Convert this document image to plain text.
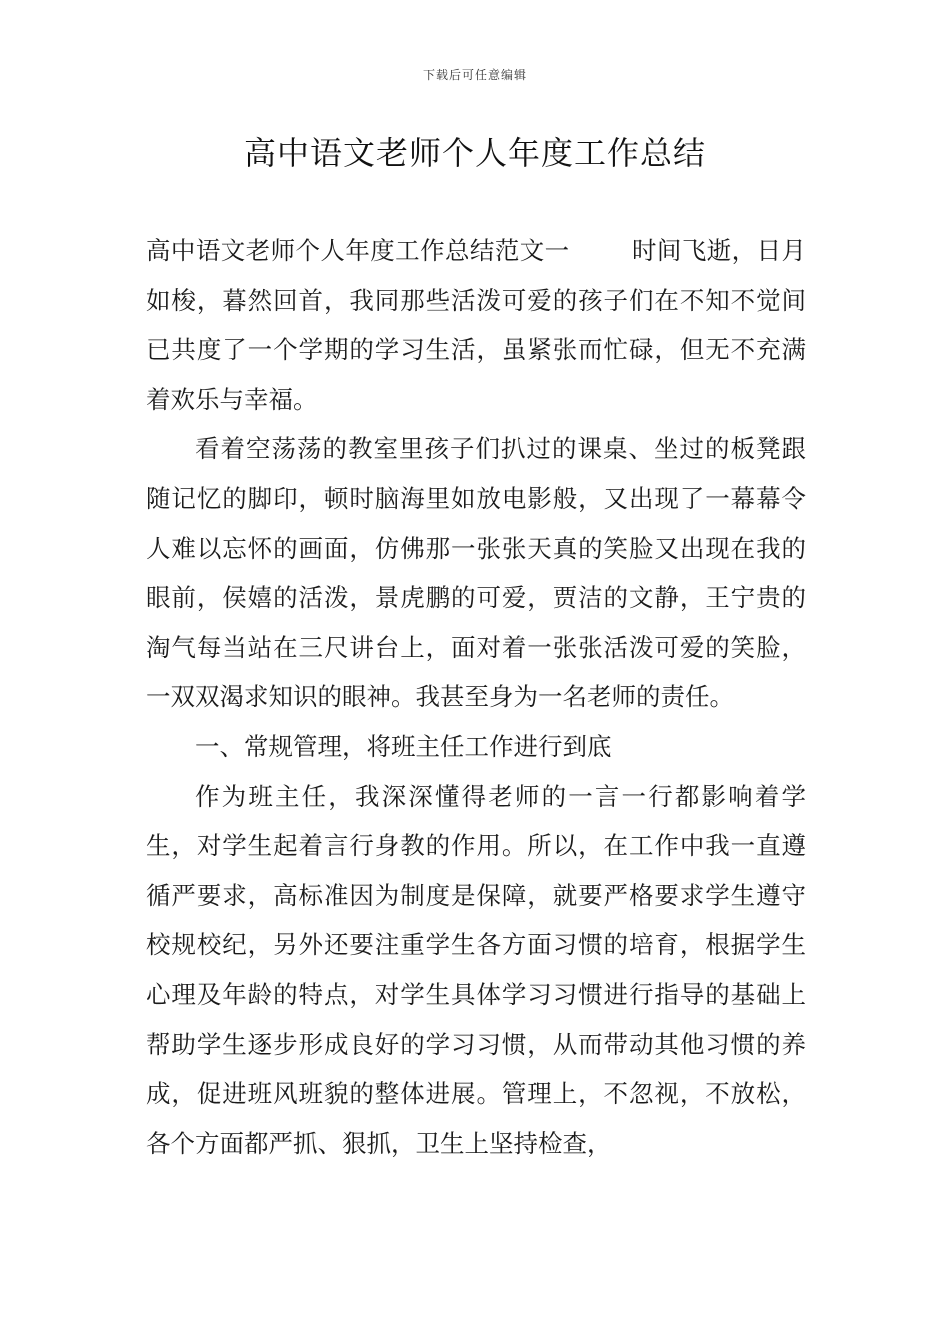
下载后可任意编辑
高中语文老师个人年度工作总结

高中语文老师个人年度工作总结范文一	时间飞逝，日月如梭，暮然回首，我同那些活泼可爱的孩子们在不知不觉间已共度了一个学期的学习生活，虽紧张而忙碌，但无不充满着欢乐与幸福。

看着空荡荡的教室里孩子们扒过的课桌、坐过的板凳跟随记忆的脚印，顿时脑海里如放电影般，又出现了一幕幕令人难以忘怀的画面，仿佛那一张张天真的笑脸又出现在我的眼前，侯嬉的活泼，景虎鹏的可爱，贾洁的文静，王宁贵的淘气每当站在三尺讲台上，面对着一张张活泼可爱的笑脸，一双双渴求知识的眼神。我甚至身为一名老师的责任。

一、常规管理，将班主任工作进行到底

作为班主任，我深深懂得老师的一言一行都影响着学生，对学生起着言行身教的作用。所以，在工作中我一直遵循严要求，高标准因为制度是保障，就要严格要求学生遵守校规校纪，另外还要注重学生各方面习惯的培育，根据学生心理及年龄的特点，对学生具体学习习惯进行指导的基础上帮助学生逐步形成良好的学习习惯，从而带动其他习惯的养成，促进班风班貌的整体进展。管理上，不忽视，不放松，各个方面都严抓、狠抓，卫生上坚持检查，
